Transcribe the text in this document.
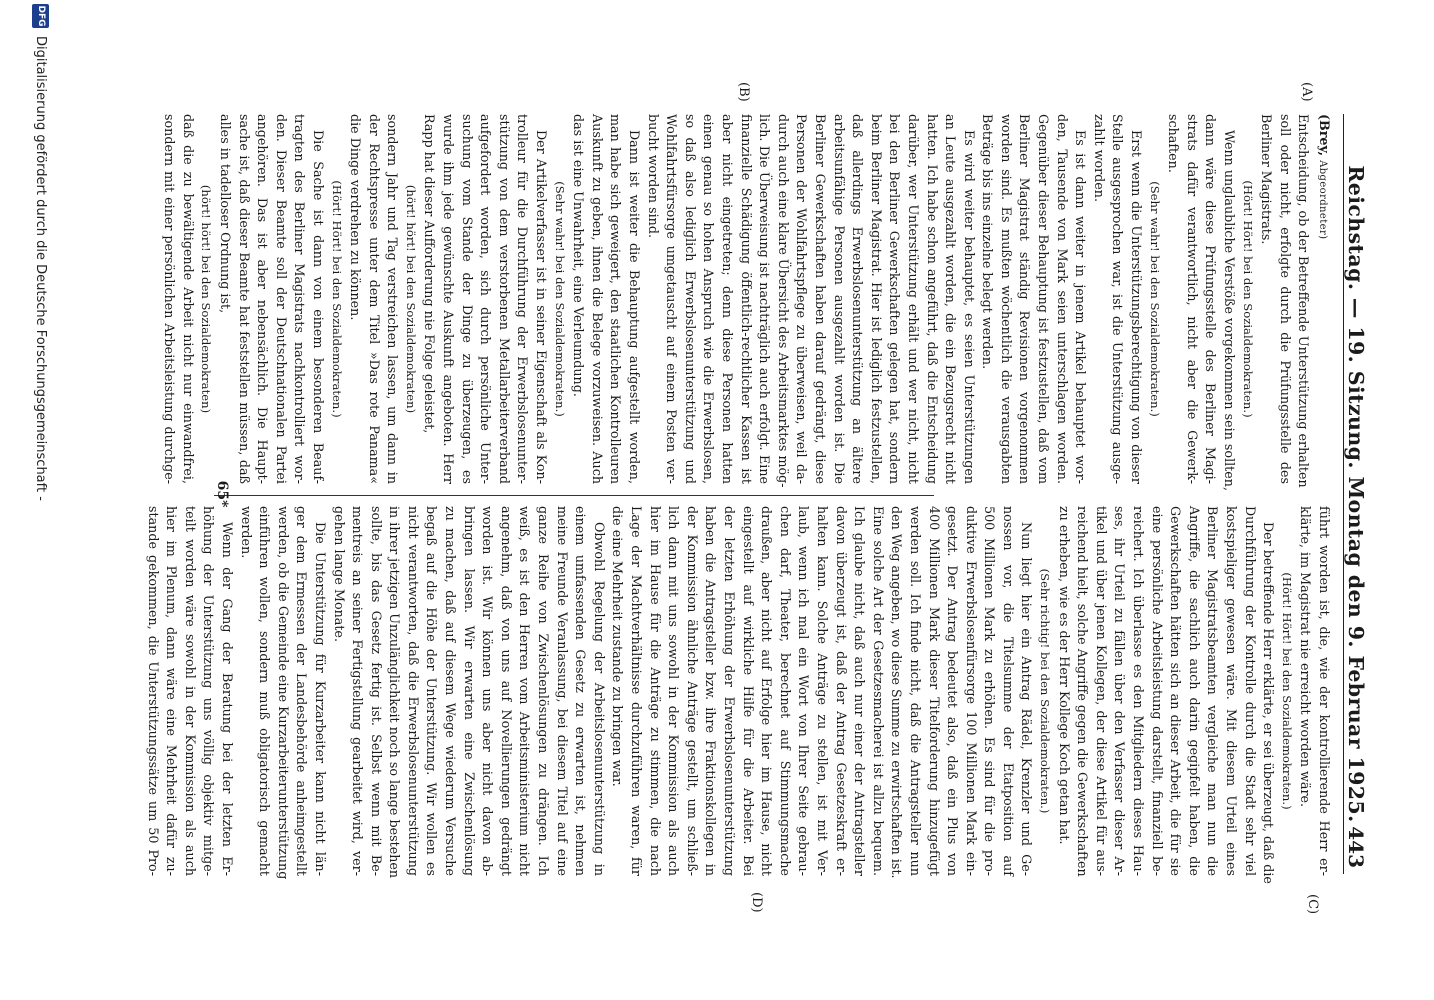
Reichstag. — 19. Sitzung. Montag den 9. Februar 1925.
443
(A)
(B)
(C)
(D)
(Brey, Abgeordneter)
Entscheidung, ob der Betreffende Unterstützung erhalten
soll oder nicht, erfolgte durch die Prüfungsstelle des
Berliner Magistrats.
(Hört! Hört! bei den Sozialdemokraten.)
Wenn unglaubliche Verstöße vorgekommen sein sollten,
dann wäre diese Prüfungsstelle des Berliner Magi-
strats dafür verantwortlich, nicht aber die Gewerk-
schaften.
(Sehr wahr! bei den Sozialdemokraten.)
Erst wenn die Unterstützungsberechtigung von dieser
Stelle ausgesprochen war, ist die Unterstützung ausge-
zahlt worden.
Es ist dann weiter in jenem Artikel behauptet wor-
den, Tausende von Mark seien unterschlagen worden.
Gegenüber dieser Behauptung ist festzustellen, daß vom
Berliner Magistrat ständig Revisionen vorgenommen
worden sind. Es mußten wöchentlich die verausgabten
Beträge bis ins einzelne belegt werden.
Es wird weiter behauptet, es seien Unterstützungen
an Leute ausgezahlt worden, die ein Bezugsrecht nicht
hatten. Ich habe schon angeführt, daß die Entscheidung
darüber, wer Unterstützung erhält und wer nicht, nicht
bei den Berliner Gewerkschaften gelegen hat, sondern
beim Berliner Magistrat. Hier ist lediglich festzustellen,
daß allerdings Erwerbslosenunterstützung an ältere
arbeitsunfähige Personen ausgezahlt worden ist. Die
Berliner Gewerkschaften haben darauf gedrängt, diese
Personen der Wohlfahrtspflege zu überweisen, weil da-
durch auch eine klare Übersicht des Arbeitsmarktes mög-
lich. Die Überweisung ist nachträglich auch erfolgt. Eine
finanzielle Schädigung öffentlich-rechtlicher Kassen ist
aber nicht eingetreten; denn diese Personen hatten
einen genau so hohen Anspruch wie die Erwerbslosen,
so daß also lediglich Erwerbslosenunterstützung und
Wohlfahrtsfürsorge umgetauscht auf einem Posten ver-
bucht worden sind.
Dann ist weiter die Behauptung aufgestellt worden,
man habe sich geweigert, den staatlichen Kontrolleuren
Auskunft zu geben, ihnen die Belege vorzuweisen. Auch
das ist eine Unwahrheit, eine Verleumdung.
(Sehr wahr! bei den Sozialdemokraten.)
Der Artikelverfasser ist in seiner Eigenschaft als Kon-
trolleur für die Durchführung der Erwerbslosenunter-
stützung von dem verstorbenen Metallarbeiterverband
aufgefordert worden, sich durch persönliche Unter-
suchung vom Stande der Dinge zu überzeugen, es
wurde ihm jede gewünschte Auskunft angeboten. Herr
Rapp hat dieser Aufforderung nie Folge geleistet,
(hört! hört! bei den Sozialdemokraten)
sondern Jahr und Tag verstreichen lassen, um dann in
der Rechtspresse unter dem Titel »Das rote Panama«
die Dinge verdrehen zu können.
(Hört! Hört! bei den Sozialdemokraten.)
Die Sache ist dann von einem besonderen Beauf-
tragten des Berliner Magistrats nachkontrolliert wor-
den. Dieser Beamte soll der Deutschnationalen Partei
angehören. Das ist aber nebensächlich. Die Haupt-
sache ist, daß dieser Beamte hat feststellen müssen, daß
alles in tadelloser Ordnung ist,
(hört! hört! bei den Sozialdemokraten)
daß die zu bewältigende Arbeit nicht nur einwandfrei,
sondern mit einer persönlichen Arbeitsleistung durchge-
führt worden ist, die, wie der kontrollierende Herr er-
klärte, im Magistrat nie erreicht worden wäre.
(Hört! Hört! bei den Sozialdemokraten.)
Der betreffende Herr erklärte, er sei überzeugt, daß die
Durchführung der Kontrolle durch die Stadt sehr viel
kostspieliger gewesen wäre. Mit diesem Urteil eines
Berliner Magistratsbeamten vergleiche man nun die
Angriffe, die sachlich auch darin gegipfelt haben, die
Gewerkschaften hätten sich an dieser Arbeit, die für sie
eine persönliche Arbeitsleistung darstellt, finanziell be-
reichert. Ich überlasse es den Mitgliedern dieses Hau-
ses, ihr Urteil zu fällen über den Verfasser dieser Ar-
tikel und über jenen Kollegen, der diese Artikel für aus-
reichend hielt, solche Angriffe gegen die Gewerkschaften
zu erheben, wie es der Herr Kollege Koch getan hat.
(Sehr richtig! bei den Sozialdemokraten.)
Nun liegt hier ein Antrag Rädel, Krenzler und Ge-
nossen vor, die Titelsumme der Etatposition auf
500 Millionen Mark zu erhöhen. Es sind für die pro-
duktive Erwerbslosenfürsorge 100 Millionen Mark ein-
gesetzt. Der Antrag bedeutet also, daß ein Plus von
400 Millionen Mark dieser Titelforderung hinzugefügt
werden soll. Ich finde nicht, daß die Antragsteller nun
den Weg angeben, wo diese Summe zu erwirtschaften ist.
Eine solche Art der Gesetzesmacherei ist allzu bequem.
Ich glaube nicht, daß auch nur einer der Antragsteller
davon überzeugt ist, daß der Antrag Gesetzeskraft er-
halten kann. Solche Anträge zu stellen, ist mit Ver-
laub, wenn ich mal ein Wort von Ihrer Seite gebrau-
chen darf, Theater, berechnet auf Stimmungsmache
draußen, aber nicht auf Erfolge hier im Hause, nicht
eingestellt auf wirkliche Hilfe für die Arbeiter. Bei
der letzten Erhöhung der Erwerbslosenunterstützung
haben die Antragsteller bzw. ihre Fraktionskollegen in
der Kommission ähnliche Anträge gestellt, um schließ-
lich dann mit uns sowohl in der Kommission als auch
hier im Hause für die Anträge zu stimmen, die nach
Lage der Machtverhältnisse durchzuführen waren, für
die eine Mehrheit zustande zu bringen war.
Obwohl Regelung der Arbeitslosenunterstützung in
einem umfassenden Gesetz zu erwarten ist, nehmen
meine Freunde Veranlassung, bei diesem Titel auf eine
ganze Reihe von Zwischenlösungen zu drängen. Ich
weiß, es ist den Herren vom Arbeitsministerium nicht
angenehm, daß von uns auf Novellierungen gedrängt
worden ist. Wir können uns aber nicht davon ab-
bringen lassen. Wir erwarten eine Zwischenlösung
zu machen, daß auf diesem Wege wiederum Versuche
begaß auf die Höhe der Unterstützung. Wir wollen es
nicht verantworten, daß die Erwerbslosenunterstützung
in ihrer jetzigen Unzulänglichkeit noch so lange bestehen
sollte, bis das Gesetz fertig ist. Selbst wenn mit Be-
mentreis an seiner Fertigstellung gearbeitet wird, ver-
gehen lange Monate.
Die Unterstützung für Kurzarbeiter kann nicht län-
ger dem Ermessen der Landesbehörde anheimgestellt
werden, ob die Gemeinde eine Kurzarbeiterunterstützung
einführen wollen, sondern muß obligatorisch gemacht
werden.
Wenn der Gang der Beratung bei der letzten Er-
höhung der Unterstützung uns völlig objektiv mitge-
teilt worden wäre sowohl in der Kommission als auch
hier im Plenum, dann wäre eine Mehrheit dafür zu-
stande gekommen, die Unterstützungssätze um 50 Pro-
65*
DFG
Digitalisierung gefördert durch die Deutsche Forschungsgemeinschaft -
